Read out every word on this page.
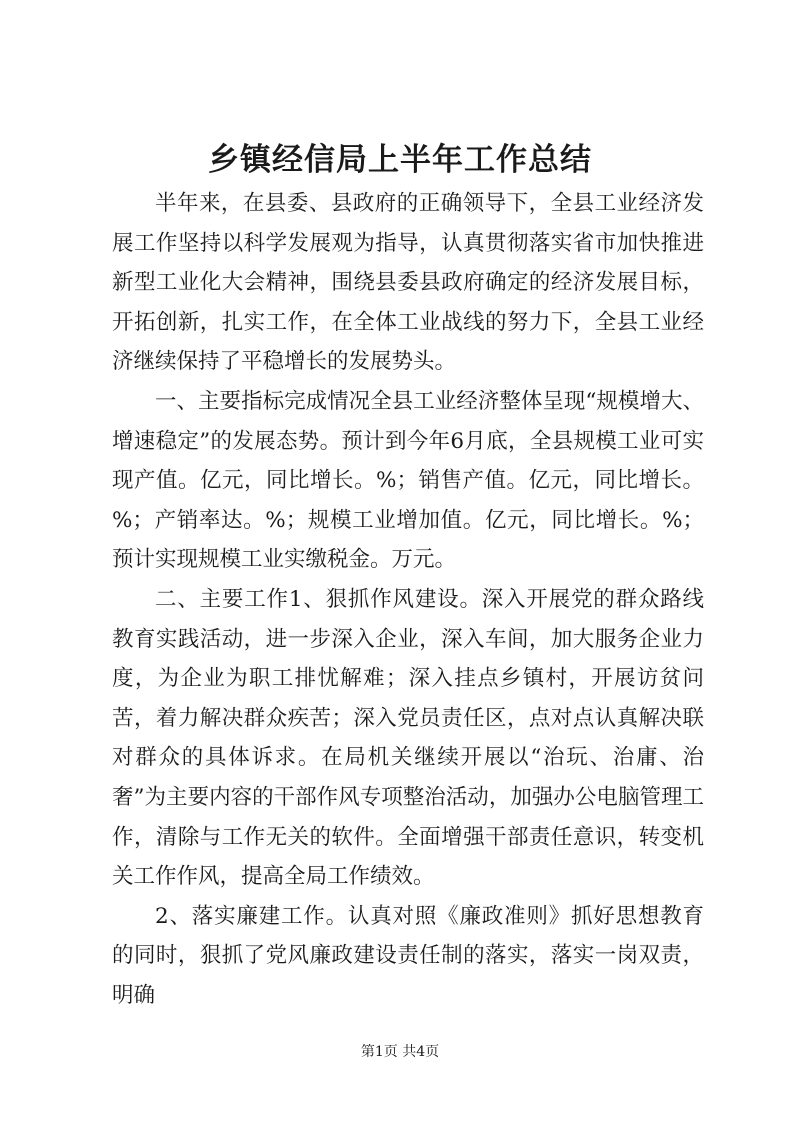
乡镇经信局上半年工作总结

半年来，在县委、县政府的正确领导下，全县工业经济发展工作坚持以科学发展观为指导，认真贯彻落实省市加快推进新型工业化大会精神，围绕县委县政府确定的经济发展目标，开拓创新，扎实工作，在全体工业战线的努力下，全县工业经济继续保持了平稳增长的发展势头。

一、主要指标完成情况全县工业经济整体呈现“规模增大、增速稳定”的发展态势。预计到今年6月底，全县规模工业可实现产值。亿元，同比增长。%；销售产值。亿元，同比增长。%；产销率达。%；规模工业增加值。亿元，同比增长。%；预计实现规模工业实缴税金。万元。

二、主要工作1、狠抓作风建设。深入开展党的群众路线教育实践活动，进一步深入企业，深入车间，加大服务企业力度，为企业为职工排忧解难；深入挂点乡镇村，开展访贫问苦，着力解决群众疾苦；深入党员责任区，点对点认真解决联对群众的具体诉求。在局机关继续开展以“治玩、治庸、治奢”为主要内容的干部作风专项整治活动，加强办公电脑管理工作，清除与工作无关的软件。全面增强干部责任意识，转变机关工作作风，提高全局工作绩效。

2、落实廉建工作。认真对照《廉政准则》抓好思想教育的同时，狠抓了党风廉政建设责任制的落实，落实一岗双责，明确

第1页 共4页
